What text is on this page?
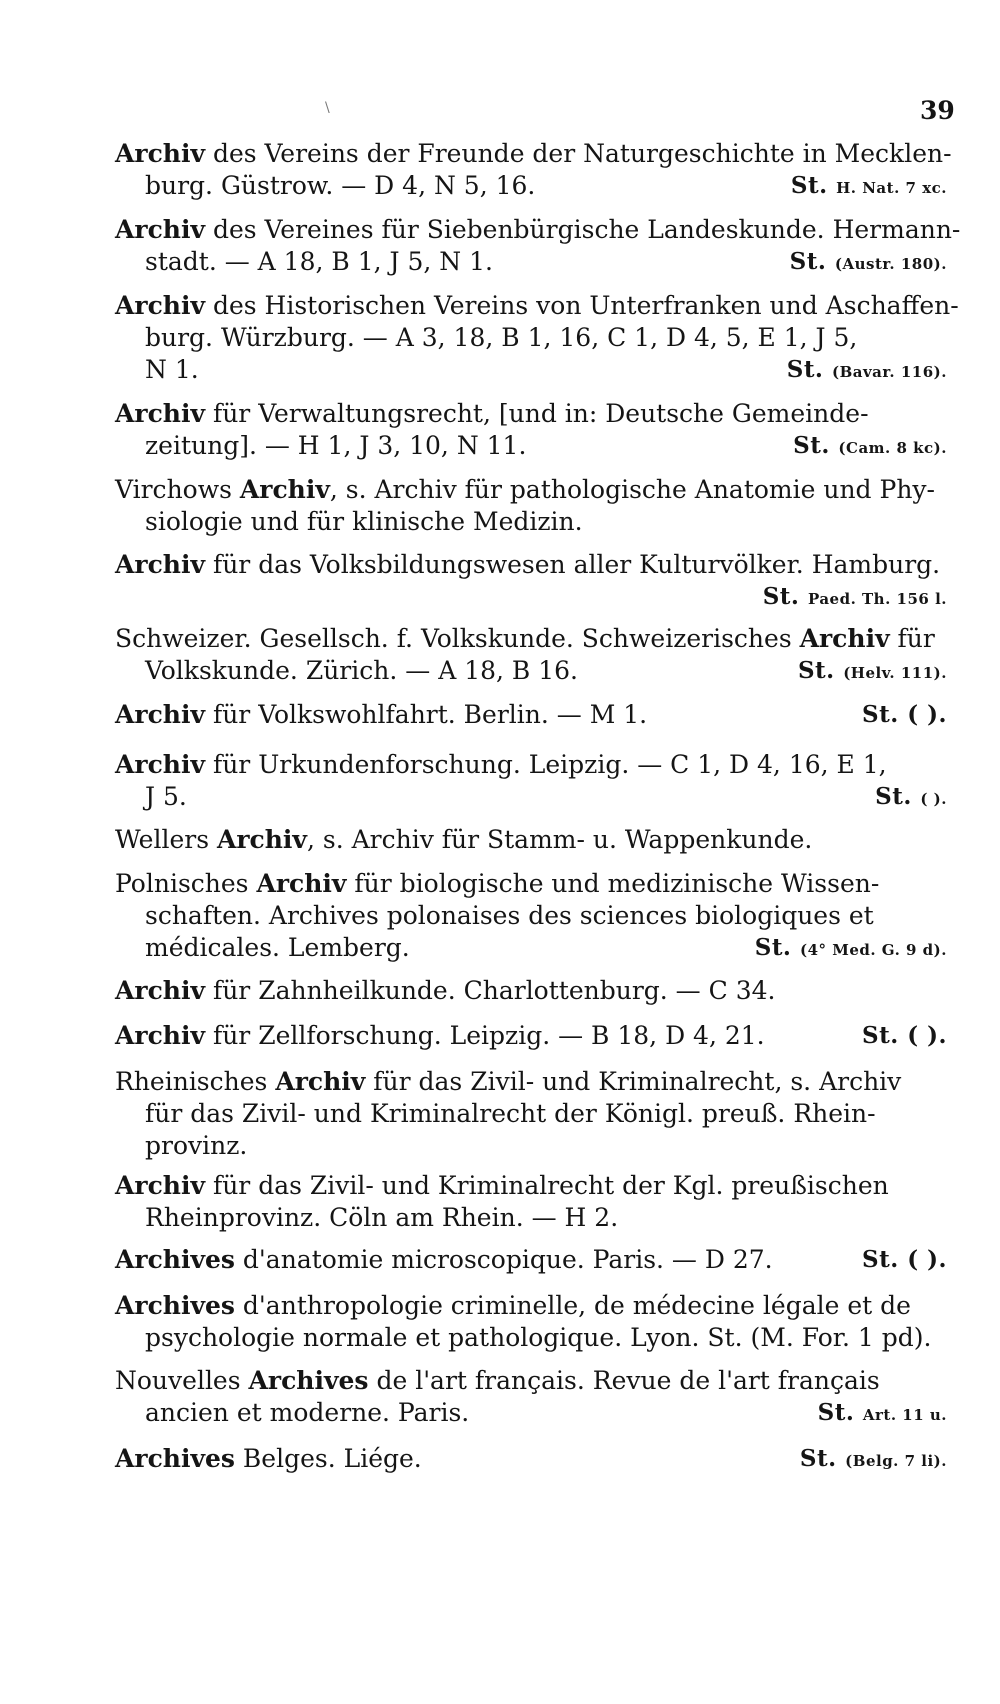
\	39
Archiv des Vereins der Freunde der Naturgeschichte in Mecklen-
burg. Güstrow. — D 4, N 5, 16.	St. H. Nat. 7 xc.
Archiv des Vereines für Siebenbürgische Landeskunde. Hermann-
stadt. — A 18, B 1, J 5, N 1.	St. (Austr. 180).
Archiv des Historischen Vereins von Unterfranken und Aschaffen-
burg. Würzburg. — A 3, 18, B 1, 16, C 1, D 4, 5, E 1, J 5,
N 1.	St. (Bavar. 116).
Archiv für Verwaltungsrecht, [und in: Deutsche Gemeinde-
zeitung]. — H 1, J 3, 10, N 11.	St. (Cam. 8 kc).
Virchows Archiv, s. Archiv für pathologische Anatomie und Phy-
siologie und für klinische Medizin.
Archiv für das Volksbildungswesen aller Kulturvölker. Hamburg.
St. Paed. Th. 156 l.
Schweizer. Gesellsch. f. Volkskunde. Schweizerisches Archiv für
Volkskunde. Zürich. — A 18, B 16.	St. (Helv. 111).
Archiv für Volkswohlfahrt. Berlin. — M 1.	St. ( ).
Archiv für Urkundenforschung. Leipzig. — C 1, D 4, 16, E 1,
J 5.	St. ( ).
Wellers Archiv, s. Archiv für Stamm- u. Wappenkunde.
Polnisches Archiv für biologische und medizinische Wissen-
schaften. Archives polonaises des sciences biologiques et
médicales. Lemberg.	St. (4° Med. G. 9 d).
Archiv für Zahnheilkunde. Charlottenburg. — C 34.
Archiv für Zellforschung. Leipzig. — B 18, D 4, 21.	St. ( ).
Rheinisches Archiv für das Zivil- und Kriminalrecht, s. Archiv
für das Zivil- und Kriminalrecht der Königl. preuß. Rhein-
provinz.
Archiv für das Zivil- und Kriminalrecht der Kgl. preußischen
Rheinprovinz. Cöln am Rhein. — H 2.
Archives d'anatomie microscopique. Paris. — D 27.	St. ( ).
Archives d'anthropologie criminelle, de médecine légale et de
psychologie normale et pathologique. Lyon. St. (M. For. 1 pd).
Nouvelles Archives de l'art français. Revue de l'art français
ancien et moderne. Paris.	St. Art. 11 u.
Archives Belges. Liége.	St. (Belg. 7 li).
